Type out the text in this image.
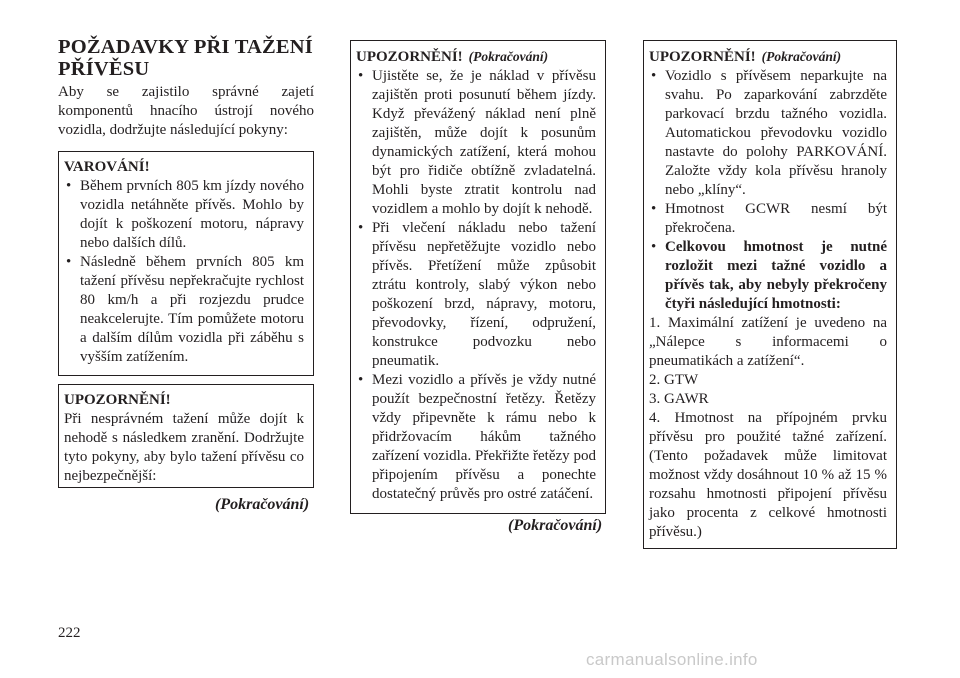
POŽADAVKY PŘI TAŽENÍ
PŘÍVĚSU
Aby se zajistilo správné zajetí komponentů hnacího ústrojí nového vozidla, dodržujte následující pokyny:
VAROVÁNÍ!
• Během prvních 805 km jízdy nového vozidla netáhněte přívěs. Mohlo by dojít k poškození motoru, nápravy nebo dalších dílů.
• Následně během prvních 805 km tažení přívěsu nepřekračujte rychlost 80 km/h a při rozjezdu prudce neakcelerujte. Tím pomůžete motoru a dalším dílům vozidla při záběhu s vyšším zatížením.
UPOZORNĚNÍ!
Při nesprávném tažení může dojít k nehodě s následkem zranění. Dodržujte tyto pokyny, aby bylo tažení přívěsu co nejbezpečnější:
(Pokračování)
UPOZORNĚNÍ! (Pokračování)
• Ujistěte se, že je náklad v přívěsu zajištěn proti posunutí během jízdy. Když převážený náklad není plně zajištěn, může dojít k posunům dynamických zatížení, která mohou být pro řidiče obtížně zvladatelná. Mohli byste ztratit kontrolu nad vozidlem a mohlo by dojít k nehodě.
• Při vlečení nákladu nebo tažení přívěsu nepřetěžujte vozidlo nebo přívěs. Přetížení může způsobit ztrátu kontroly, slabý výkon nebo poškození brzd, nápravy, motoru, převodovky, řízení, odpružení, konstrukce podvozku nebo pneumatik.
• Mezi vozidlo a přívěs je vždy nutné použít bezpečnostní řetězy. Řetězy vždy připevněte k rámu nebo k přidržovacím hákům tažného zařízení vozidla. Překřižte řetězy pod připojením přívěsu a ponechte dostatečný průvěs pro ostré zatáčení.
(Pokračování)
UPOZORNĚNÍ! (Pokračování)
• Vozidlo s přívěsem neparkujte na svahu. Po zaparkování zabrzděte parkovací brzdu tažného vozidla. Automatickou převodovku vozidlo nastavte do polohy PARKOVÁNÍ. Založte vždy kola přívěsu hranoly nebo „klíny“.
• Hmotnost GCWR nesmí být překročena.
• Celkovou hmotnost je nutné rozložit mezi tažné vozidlo a přívěs tak, aby nebyly překročeny čtyři následující hmotnosti:
1. Maximální zatížení je uvedeno na „Nálepce s informacemi o pneumatikách a zatížení“.
2. GTW
3. GAWR
4. Hmotnost na přípojném prvku přívěsu pro použité tažné zařízení. (Tento požadavek může limitovat možnost vždy dosáhnout 10 % až 15 % rozsahu hmotnosti připojení přívěsu jako procenta z celkové hmotnosti přívěsu.)
222
carmanualsonline.info
